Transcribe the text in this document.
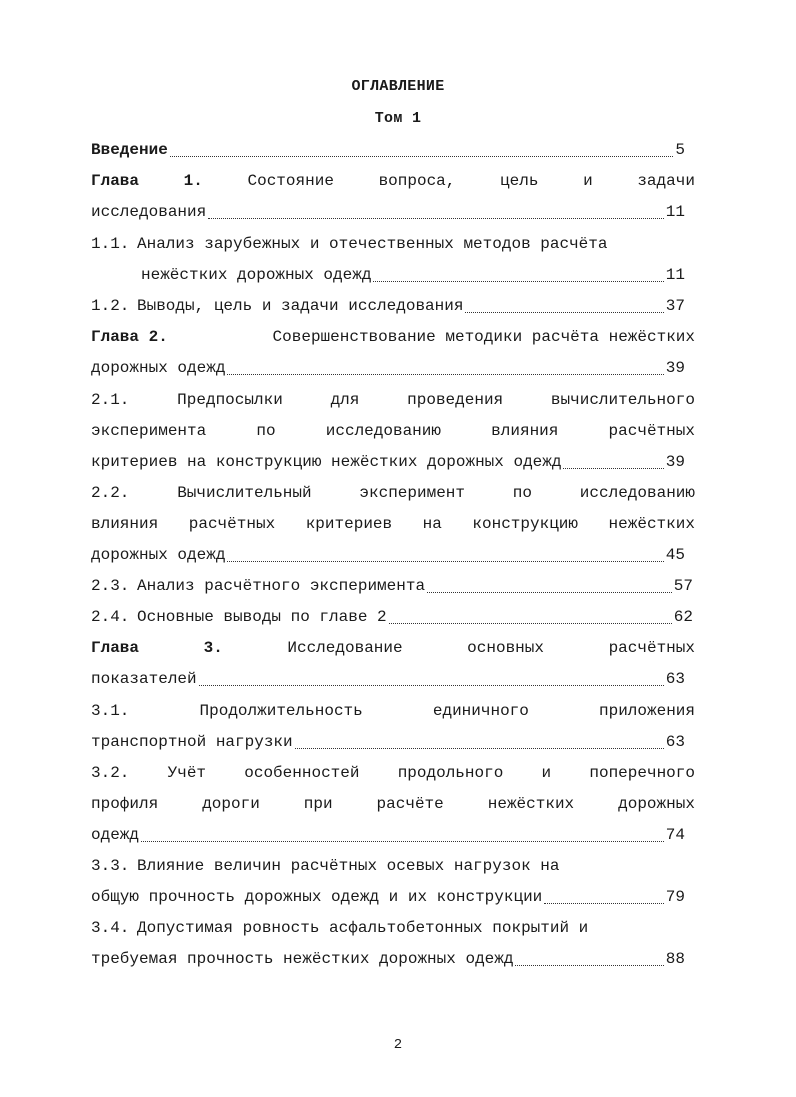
ОГЛАВЛЕНИЕ
Том 1
Введение	5
Глава	1.	Состояние	вопроса,	цель	и	задачи
исследования	11
1.1. Анализ зарубежных и отечественных методов расчёта
нежёстких дорожных одежд	11
1.2. Выводы, цель и задачи исследования	37
Глава 2.	Совершенствование методики расчёта нежёстких
дорожных одежд	39
2.1.	Предпосылки	для	проведения	вычислительного
эксперимента	по	исследованию	влияния	расчётных
критериев на конструкцию нежёстких дорожных одежд	39
2.2.	Вычислительный	эксперимент	по	исследованию
влияния расчётных критериев на конструкцию нежёстких
дорожных одежд	45
2.3. Анализ расчётного эксперимента	57
2.4. Основные выводы по главе 2	62
Глава	3.	Исследование	основных	расчётных
показателей	63
3.1.	Продолжительность	единичного	приложения
транспортной нагрузки	63
3.2. Учёт особенностей продольного и поперечного
профиля	дороги	при	расчёте	нежёстких	дорожных
одежд	74
3.3. Влияние величин расчётных осевых нагрузок на
общую прочность дорожных одежд и их конструкции	79
3.4. Допустимая ровность асфальтобетонных покрытий и
требуемая прочность нежёстких дорожных одежд	88
2
